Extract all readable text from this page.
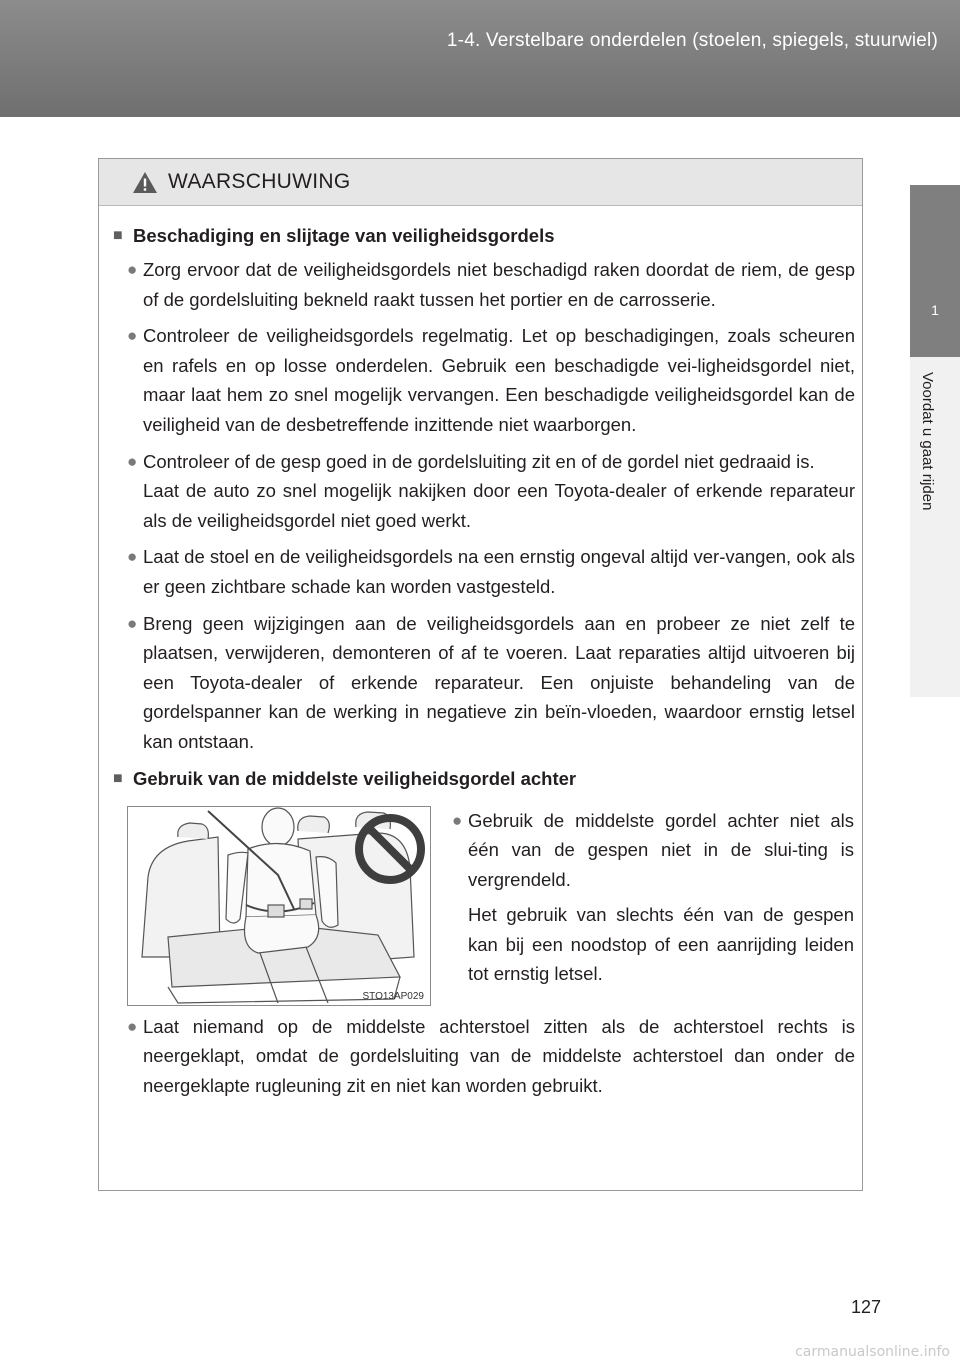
1-4. Verstelbare onderdelen (stoelen, spiegels, stuurwiel)
1
Voordat u gaat rijden
WAARSCHUWING
■ Beschadiging en slijtage van veiligheidsgordels
● Zorg ervoor dat de veiligheidsgordels niet beschadigd raken doordat de riem, de gesp of de gordelsluiting bekneld raakt tussen het portier en de carrosserie.

● Controleer de veiligheidsgordels regelmatig. Let op beschadigingen, zoals scheuren en rafels en op losse onderdelen. Gebruik een beschadigde vei-ligheidsgordel niet, maar laat hem zo snel mogelijk vervangen. Een beschadigde veiligheidsgordel kan de veiligheid van de desbetreffende inzittende niet waarborgen.

● Controleer of de gesp goed in de gordelsluiting zit en of de gordel niet gedraaid is.

Laat de auto zo snel mogelijk nakijken door een Toyota-dealer of erkende reparateur als de veiligheidsgordel niet goed werkt.

● Laat de stoel en de veiligheidsgordels na een ernstig ongeval altijd ver-vangen, ook als er geen zichtbare schade kan worden vastgesteld.

● Breng geen wijzigingen aan de veiligheidsgordels aan en probeer ze niet zelf te plaatsen, verwijderen, demonteren of af te voeren. Laat reparaties altijd uitvoeren bij een Toyota-dealer of erkende reparateur. Een onjuiste behandeling van de gordelspanner kan de werking in negatieve zin beïn-vloeden, waardoor ernstig letsel kan ontstaan.

■ Gebruik van de middelste veiligheidsgordel achter
STO13AP029
● Gebruik de middelste gordel achter niet als één van de gespen niet in de slui-ting is vergrendeld.

Het gebruik van slechts één van de gespen kan bij een noodstop of een aanrijding leiden tot ernstig letsel.

● Laat niemand op de middelste achterstoel zitten als de achterstoel rechts is neergeklapt, omdat de gordelsluiting van de middelste achterstoel dan onder de neergeklapte rugleuning zit en niet kan worden gebruikt.

127
carmanualsonline.info
